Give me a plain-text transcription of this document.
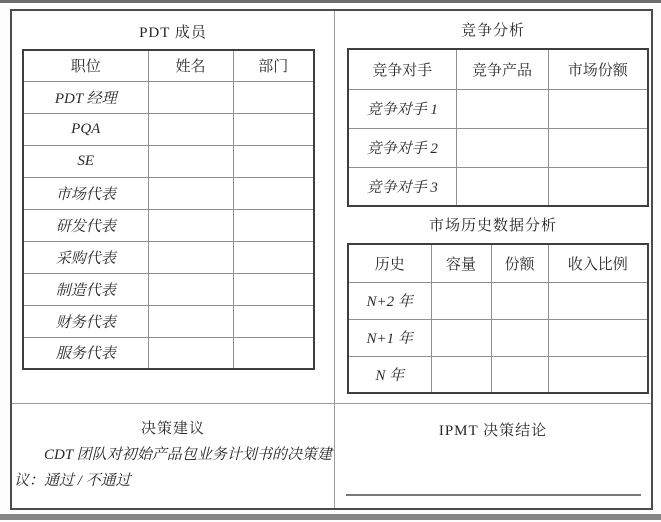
PDT 成员
职位	姓名	部门
PDT 经理		
PQA		
SE		
市场代表		
研发代表		
采购代表		
制造代表		
财务代表		
服务代表		
竞争分析
竞争对手	竞争产品	市场份额
竞争对手 1		
竞争对手 2		
竞争对手 3		
市场历史数据分析
历史	容量	份额	收入比例
N+2 年			
N+1 年			
N 年			
决策建议

CDT 团队对初始产品包业务计划书的决策建议：通过 / 不通过

IPMT 决策结论
